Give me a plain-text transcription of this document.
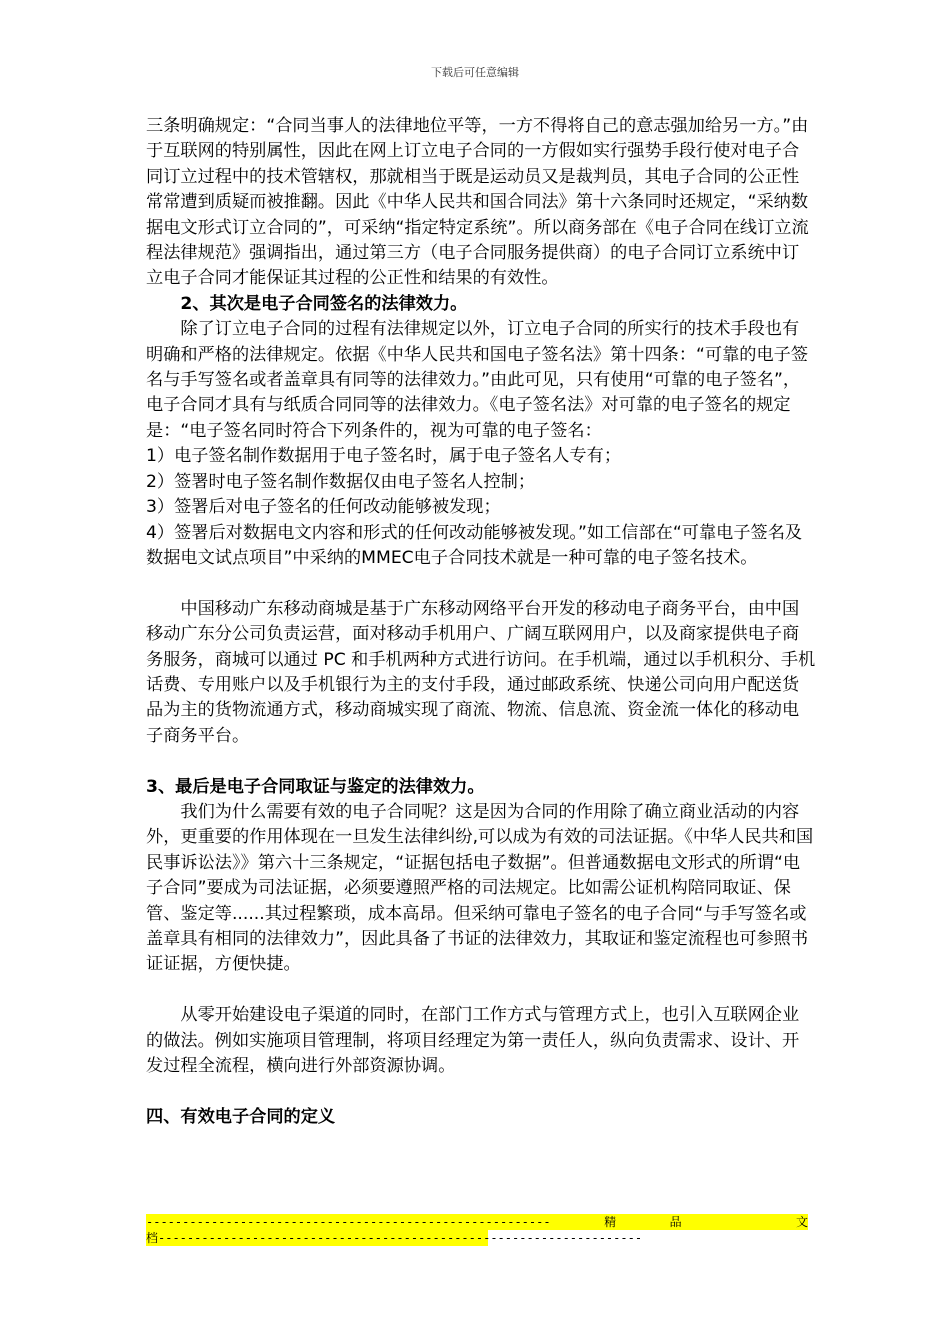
下载后可任意编辑

三条明确规定：“合同当事人的法律地位平等，一方不得将自己的意志强加给另一方。”由于互联网的特别属性，因此在网上订立电子合同的一方假如实行强势手段行使对电子合同订立过程中的技术管辖权，那就相当于既是运动员又是裁判员，其电子合同的公正性常常遭到质疑而被推翻。因此《中华人民共和国合同法》第十六条同时还规定，“采纳数据电文形式订立合同的”，可采纳“指定特定系统”。所以商务部在《电子合同在线订立流程法律规范》强调指出，通过第三方（电子合同服务提供商）的电子合同订立系统中订立电子合同才能保证其过程的公正性和结果的有效性。

2、其次是电子合同签名的法律效力。

除了订立电子合同的过程有法律规定以外，订立电子合同的所实行的技术手段也有明确和严格的法律规定。依据《中华人民共和国电子签名法》第十四条：“可靠的电子签名与手写签名或者盖章具有同等的法律效力。”由此可见，只有使用“可靠的电子签名”，电子合同才具有与纸质合同同等的法律效力。《电子签名法》对可靠的电子签名的规定是：“电子签名同时符合下列条件的，视为可靠的电子签名：

1）电子签名制作数据用于电子签名时，属于电子签名人专有；

2）签署时电子签名制作数据仅由电子签名人控制；

3）签署后对电子签名的任何改动能够被发现；

4）签署后对数据电文内容和形式的任何改动能够被发现。”如工信部在“可靠电子签名及数据电文试点项目”中采纳的MMEC电子合同技术就是一种可靠的电子签名技术。

中国移动广东移动商城是基于广东移动网络平台开发的移动电子商务平台，由中国移动广东分公司负责运营，面对移动手机用户、广阔互联网用户，以及商家提供电子商务服务，商城可以通过 PC 和手机两种方式进行访问。在手机端，通过以手机积分、手机话费、专用账户以及手机银行为主的支付手段，通过邮政系统、快递公司向用户配送货品为主的货物流通方式，移动商城实现了商流、物流、信息流、资金流一体化的移动电子商务平台。

3、最后是电子合同取证与鉴定的法律效力。

我们为什么需要有效的电子合同呢？这是因为合同的作用除了确立商业活动的内容外，更重要的作用体现在一旦发生法律纠纷,可以成为有效的司法证据。《中华人民共和国民事诉讼法》》第六十三条规定，“证据包括电子数据”。但普通数据电文形式的所谓“电子合同”要成为司法证据，必须要遵照严格的司法规定。比如需公证机构陪同取证、保管、鉴定等......其过程繁琐，成本高昂。但采纳可靠电子签名的电子合同“与手写签名或盖章具有相同的法律效力”，因此具备了书证的法律效力，其取证和鉴定流程也可参照书证证据，方便快捷。

从零开始建设电子渠道的同时，在部门工作方式与管理方式上，也引入互联网企业的做法。例如实施项目管理制，将项目经理定为第一责任人，纵向负责需求、设计、开发过程全流程，横向进行外部资源协调。

四、有效电子合同的定义

--------------------------------------------------------	精	品
	文
档-------------------------------------------------------------------
